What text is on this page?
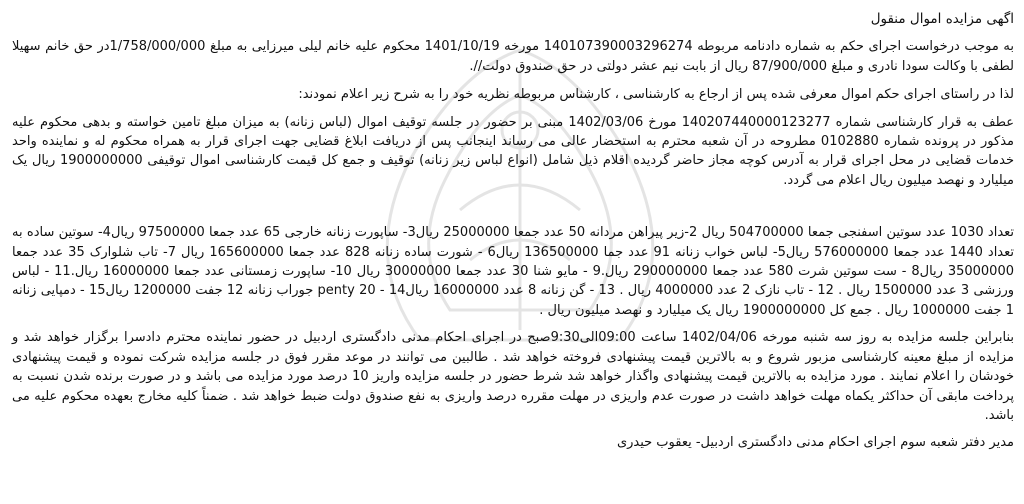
اگهی مزایده اموال منقول

به موجب درخواست اجرای حکم به شماره دادنامه مربوطه 140107390003296274 مورخه 1401/10/19 محکوم علیه خانم لیلی میرزایی به مبلغ 1/758/000/000در حق خانم سهیلا لطفی با وکالت سودا نادری و مبلغ 87/900/000 ریال از بابت نیم عشر دولتی در حق صندوق دولت//.

لذا در راستای اجرای حکم اموال معرفی شده پس از ارجاع به کارشناسی ، کارشناس مربوطه نظریه خود را به شرح زیر اعلام نمودند:

عطف به قرار کارشناسی شماره 140207440000123277 مورخ 1402/03/06 مبنی بر حضور در جلسه توقیف اموال (لباس زنانه) به میزان مبلغ تامین خواسته و بدهی محکوم علیه مذکور در پرونده شماره 0102880 مطروحه در آن شعبه محترم به استحضار عالی می رساند اینجانب پس از دریافت ابلاغ قضایی جهت اجرای قرار به همراه محکوم له و نماینده واحد خدمات قضایی در محل اجرای قرار به آدرس کوچه مجاز حاضر گردیده اقلام ذیل شامل (انواع لباس زیر زنانه) توقیف و جمع کل قیمت کارشناسی اموال توقیفی 1900000000 ریال یک میلیارد و نهصد میلیون ریال اعلام می گردد.

تعداد 1030 عدد سوتین اسفنجی جمعا 504700000 ریال 2-زیر پیراهن مردانه 50 عدد جمعا 25000000 ریال3- ساپورت زنانه خارجی 65 عدد جمعا 97500000 ریال4- سوتین ساده به تعداد 1440 عدد جمعا 576000000 ریال5- لباس خواب زنانه 91 عدد جما 136500000 ریال6 - شورت ساده زنانه 828 عدد جمعا 165600000 ریال 7- تاب شلوارک 35 عدد جمعا 35000000 ریال8 - ست سوتین شرت 580 عدد جمعا 290000000 ریال.9 - مایو شنا 30 عدد جمعا 30000000 ریال 10- ساپورت زمستانی عدد جمعا 16000000 ریال.11 - لباس ورزشی 3 عدد 1500000 ریال . 12 - تاب نازک 2 عدد 4000000 ریال . 13 - گن زنانه 8 عدد 16000000 ریال14 - penty 20 جوراب زنانه 12 جفت 1200000 ریال15 - دمپایی زنانه 1 جفت 1000000 ریال . جمع کل 1900000000 ریال یک میلیارد و نهصد میلیون ریال .

بنابراین جلسه مزایده به روز سه شنبه مورخه 1402/04/06 ساعت 09:00الی9:30صبح در اجرای احکام مدنی دادگستری اردبیل در حضور نماینده محترم دادسرا برگزار خواهد شد و مزایده از مبلغ معینه کارشناسی مزبور شروع و به بالاترین قیمت پیشنهادی فروخته خواهد شد . طالبین می توانند در موعد مقرر فوق در جلسه مزایده شرکت نموده و قیمت پیشنهادی خودشان را اعلام نمایند . مورد مزایده به بالاترین قیمت پیشنهادی واگذار خواهد شد شرط حضور در جلسه مزایده واریز 10 درصد مورد مزایده می باشد و در صورت برنده شدن نسبت به پرداخت مابقی آن حداکثر یکماه مهلت خواهد داشت در صورت عدم واریزی در مهلت مقرره درصد واریزی به نفع صندوق دولت ضبط خواهد شد . ضمناً کلیه مخارج بعهده محکوم علیه می باشد.

مدیر دفتر شعبه سوم اجرای احکام مدنی دادگستری اردبیل- یعقوب حیدری
